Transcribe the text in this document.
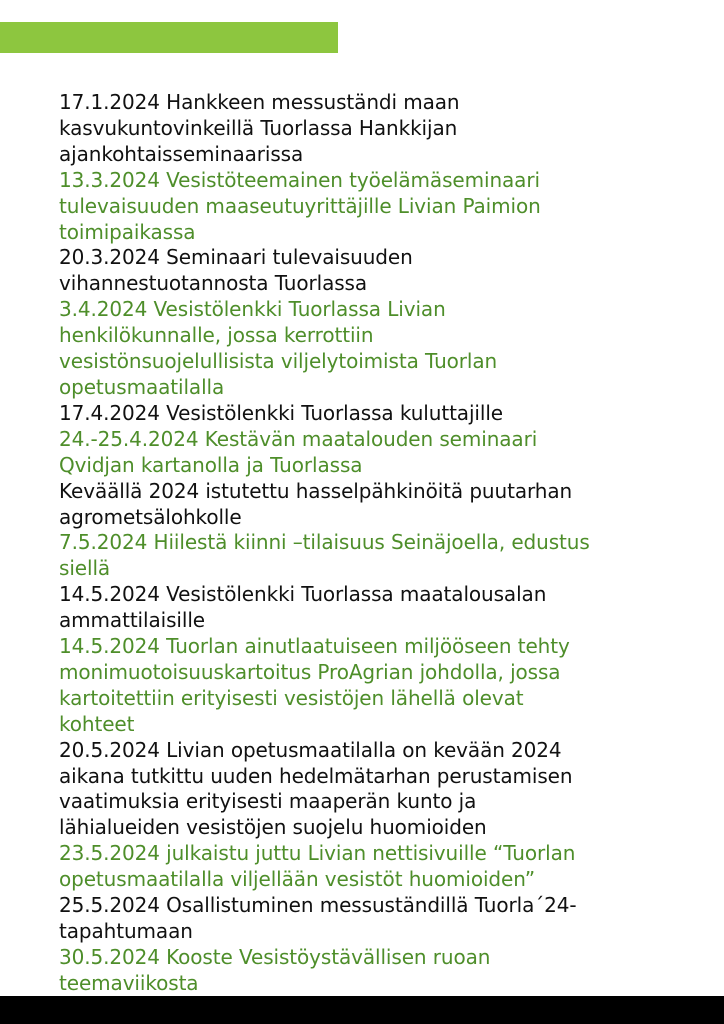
17.1.2024 Hankkeen messustӓndi maan
kasvukuntovinkeillä Tuorlassa Hankkijan
ajankohtaisseminaarissa
13.3.2024 Vesistöteemainen työelämäseminaari
tulevaisuuden maaseutuyrittäjille Livian Paimion
toimipaikassa
20.3.2024 Seminaari tulevaisuuden
vihannestuotannosta Tuorlassa
3.4.2024 Vesistölenkki Tuorlassa Livian
henkilökunnalle, jossa kerrottiin
vesistönsuojelullisista viljelytoimista Tuorlan
opetusmaatilalla
17.4.2024 Vesistölenkki Tuorlassa kuluttajille
24.-25.4.2024 Kestävän maatalouden seminaari
Qvidjan kartanolla ja Tuorlassa
Keväällä 2024 istutettu hasselpähkinöitä puutarhan
agrometsälohkolle
7.5.2024 Hiilestä kiinni –tilaisuus Seinäjoella, edustus
siellä
14.5.2024 Vesistölenkki Tuorlassa maatalousalan
ammattilaisille
14.5.2024 Tuorlan ainutlaatuiseen miljööseen tehty
monimuotoisuuskartoitus ProAgrian johdolla, jossa
kartoitettiin erityisesti vesistöjen lähellä olevat
kohteet
20.5.2024 Livian opetusmaatilalla on kevään 2024
aikana tutkittu uuden hedelmätarhan perustamisen
vaatimuksia erityisesti maaperän kunto ja
lähialueiden vesistöjen suojelu huomioiden
23.5.2024 julkaistu juttu Livian nettisivuille “Tuorlan
opetusmaatilalla viljellään vesistöt huomioiden”
25.5.2024 Osallistuminen messuständillä Tuorla´24-
tapahtumaan
30.5.2024 Kooste Vesistöystävällisen ruoan
teemaviikosta
